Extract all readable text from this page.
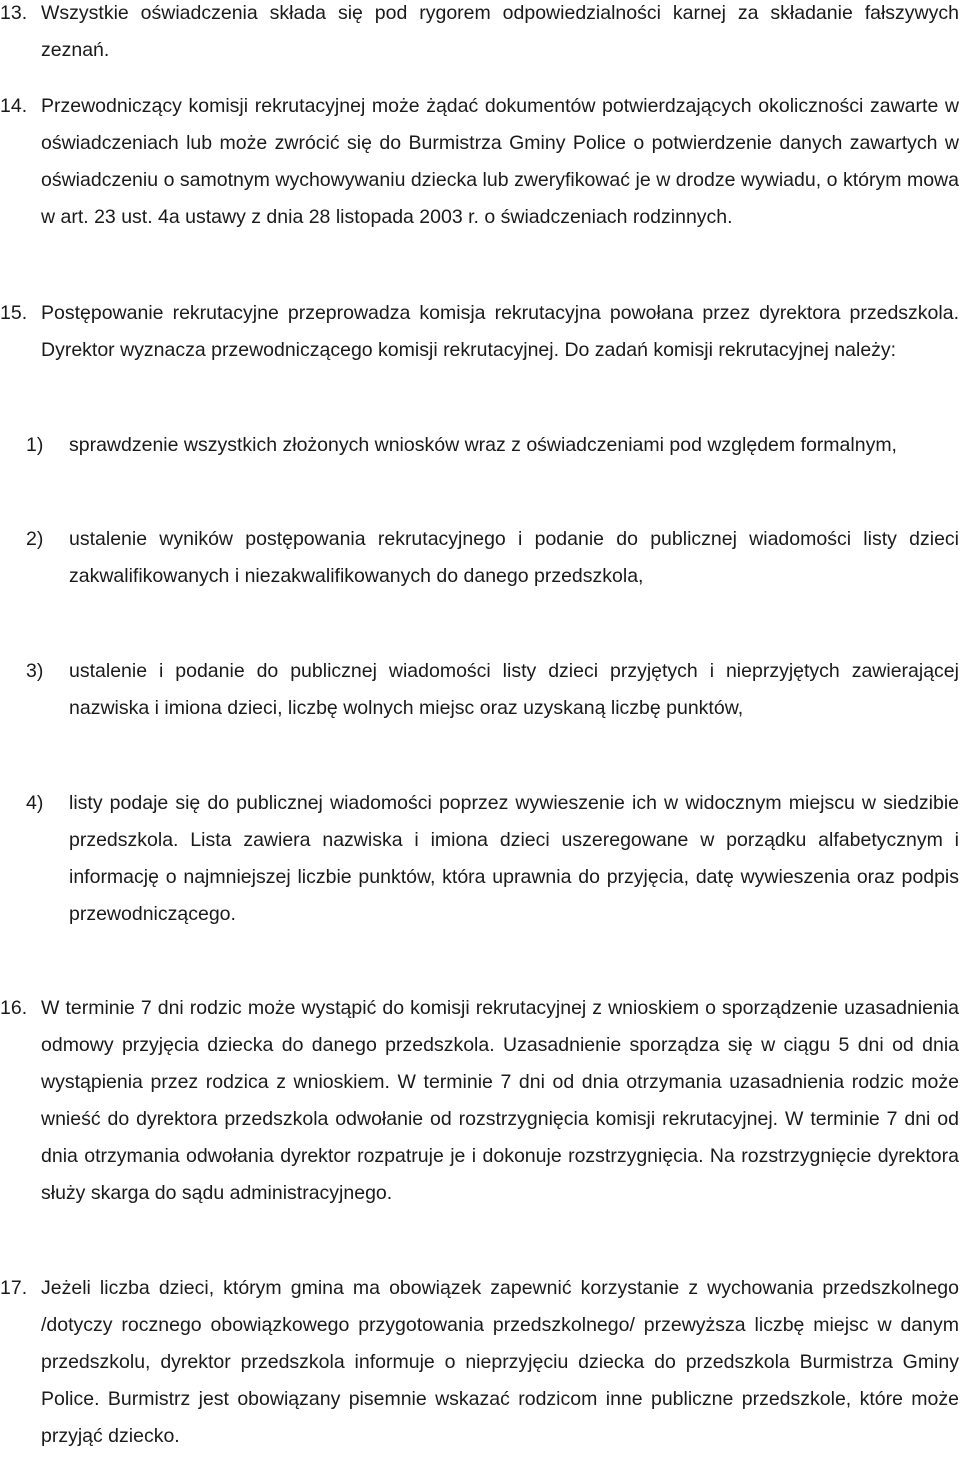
13. Wszystkie oświadczenia składa się pod rygorem odpowiedzialności karnej za składanie fałszywych zeznań.
14. Przewodniczący komisji rekrutacyjnej może żądać dokumentów potwierdzających okoliczności zawarte w oświadczeniach lub może zwrócić się do Burmistrza Gminy Police o potwierdzenie danych zawartych w oświadczeniu o samotnym wychowywaniu dziecka lub zweryfikować je w drodze wywiadu, o którym mowa w art. 23 ust. 4a ustawy z dnia 28 listopada 2003 r. o świadczeniach rodzinnych.
15. Postępowanie rekrutacyjne przeprowadza komisja rekrutacyjna powołana przez dyrektora przedszkola. Dyrektor wyznacza przewodniczącego komisji rekrutacyjnej. Do zadań komisji rekrutacyjnej należy:
1) sprawdzenie wszystkich złożonych wniosków wraz z oświadczeniami pod względem formalnym,
2) ustalenie wyników postępowania rekrutacyjnego i podanie do publicznej wiadomości listy dzieci zakwalifikowanych i niezakwalifikowanych do danego przedszkola,
3) ustalenie i podanie do publicznej wiadomości listy dzieci przyjętych i nieprzyjętych zawierającej nazwiska i imiona dzieci, liczbę wolnych miejsc oraz uzyskaną liczbę punktów,
4) listy podaje się do publicznej wiadomości poprzez wywieszenie ich w widocznym miejscu w siedzibie przedszkola. Lista zawiera nazwiska i imiona dzieci uszeregowane w porządku alfabetycznym i informację o najmniejszej liczbie punktów, która uprawnia do przyjęcia, datę wywieszenia oraz podpis przewodniczącego.
16. W terminie 7 dni rodzic może wystąpić do komisji rekrutacyjnej z wnioskiem o sporządzenie uzasadnienia odmowy przyjęcia dziecka do danego przedszkola. Uzasadnienie sporządza się w ciągu 5 dni od dnia wystąpienia przez rodzica z wnioskiem. W terminie 7 dni od dnia otrzymania uzasadnienia rodzic może wnieść do dyrektora przedszkola odwołanie od rozstrzygnięcia komisji rekrutacyjnej. W terminie 7 dni od dnia otrzymania odwołania dyrektor rozpatruje je i dokonuje rozstrzygnięcia. Na rozstrzygnięcie dyrektora służy skarga do sądu administracyjnego.
17. Jeżeli liczba dzieci, którym gmina ma obowiązek zapewnić korzystanie z wychowania przedszkolnego /dotyczy rocznego obowiązkowego przygotowania przedszkolnego/ przewyższa liczbę miejsc w danym przedszkolu, dyrektor przedszkola informuje o nieprzyjęciu dziecka do przedszkola Burmistrza Gminy Police. Burmistrz jest obowiązany pisemnie wskazać rodzicom inne publiczne przedszkole, które może przyjąć dziecko.
